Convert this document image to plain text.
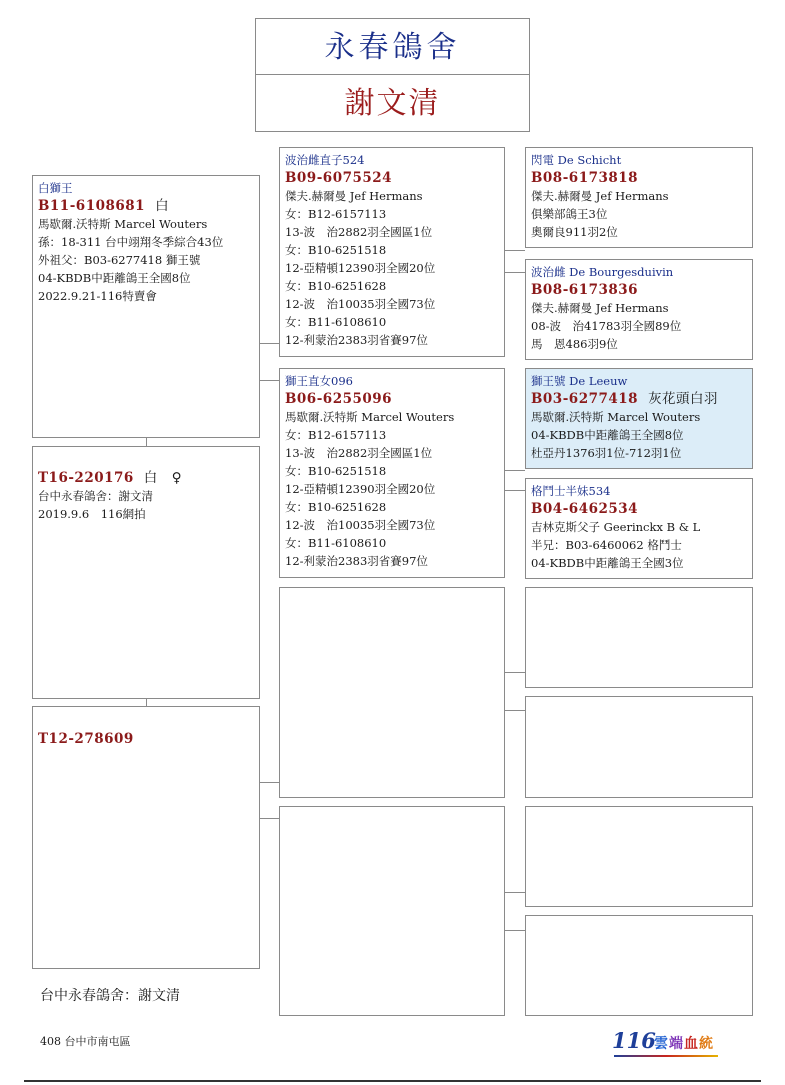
永春鴿舍
謝文清
白獅王
B11-6108681 白
馬歇爾.沃特斯 Marcel Wouters
孫：18-311 台中翊翔冬季綜合43位
外祖父：B03-6277418 獅王號
04-KBDB中距離鴿王全國8位
2022.9.21-116特賣會
T16-220176 白　♀
台中永春鴿舍：謝文清
2019.9.6　116網拍
T12-278609
波治雌直子524
B09-6075524
傑夫.赫爾曼 Jef Hermans
女：B12-6157113
13-波　治2882羽全國區1位
女：B10-6251518
12-亞精頓12390羽全國20位
女：B10-6251628
12-波　治10035羽全國73位
女：B11-6108610
12-利蒙治2383羽省賽97位
獅王直女096
B06-6255096
馬歇爾.沃特斯 Marcel Wouters
女：B12-6157113
13-波　治2882羽全國區1位
女：B10-6251518
12-亞精頓12390羽全國20位
女：B10-6251628
12-波　治10035羽全國73位
女：B11-6108610
12-利蒙治2383羽省賽97位
閃電 De Schicht
B08-6173818
傑夫.赫爾曼 Jef Hermans
俱樂部鴿王3位
奧爾良911羽2位
波治雌 De Bourgesduivin
B08-6173836
傑夫.赫爾曼 Jef Hermans
08-波　治41783羽全國89位
馬　恩486羽9位
獅王號 De Leeuw
B03-6277418 灰花頭白羽
馬歇爾.沃特斯 Marcel Wouters
04-KBDB中距離鴿王全國8位
杜亞丹1376羽1位-712羽1位
格鬥士半妹534
B04-6462534
吉林克斯父子 Geerinckx B & L
半兄：B03-6460062 格鬥士
04-KBDB中距離鴿王全國3位
台中永春鴿舍：謝文清
408 台中市南屯區	116
雲端血統
